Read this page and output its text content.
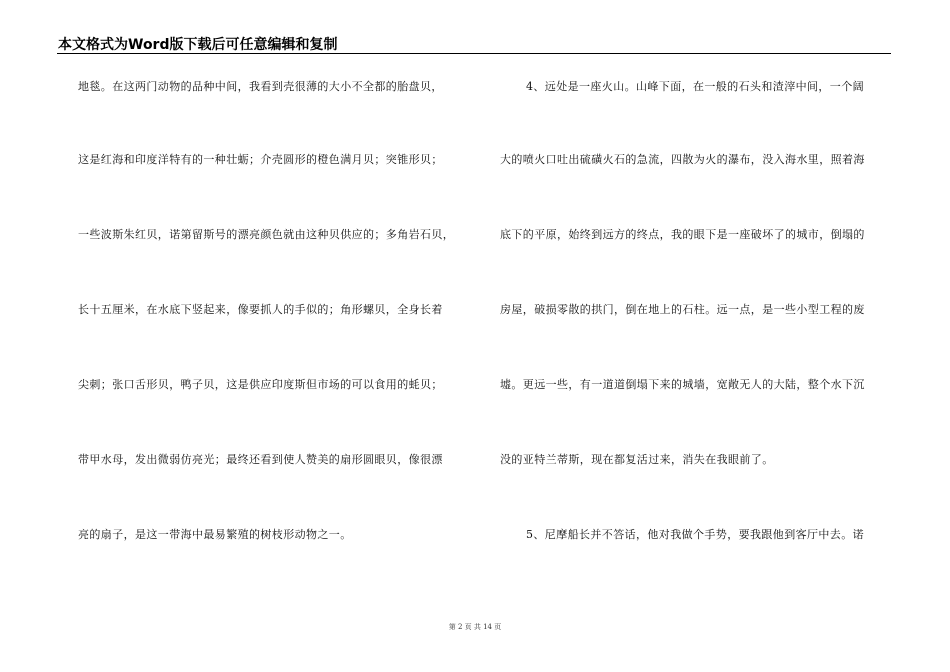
本文格式为Word版下载后可任意编辑和复制
地毯。在这两门动物的品种中间，我看到壳很薄的大小不全都的胎盘贝，
这是红海和印度洋特有的一种壮蛎；介壳圆形的橙色满月贝；突锥形贝；
一些波斯朱红贝，诺第留斯号的漂亮颜色就由这种贝供应的；多角岩石贝，
长十五厘米，在水底下竖起来，像要抓人的手似的；角形螺贝，全身长着
尖刺；张口舌形贝，鸭子贝，这是供应印度斯但市场的可以食用的蚝贝；
带甲水母，发出微弱仿亮光；最终还看到使人赞美的扇形圆眼贝，像很漂
亮的扇子，是这一带海中最易繁殖的树枝形动物之一。
4、远处是一座火山。山峰下面，在一般的石头和渣滓中间，一个阔
大的喷火口吐出硫磺火石的急流，四散为火的瀑布，没入海水里，照着海
底下的平原，始终到远方的终点，我的眼下是一座破坏了的城市，倒塌的
房屋，破损零散的拱门，倒在地上的石柱。远一点，是一些小型工程的废
墟。更远一些，有一道道倒塌下来的城墙，宽敞无人的大陆，整个水下沉
没的亚特兰蒂斯，现在都复活过来，消失在我眼前了。
5、尼摩船长并不答话，他对我做个手势，要我跟他到客厅中去。诺
第 2 页 共 14 页
